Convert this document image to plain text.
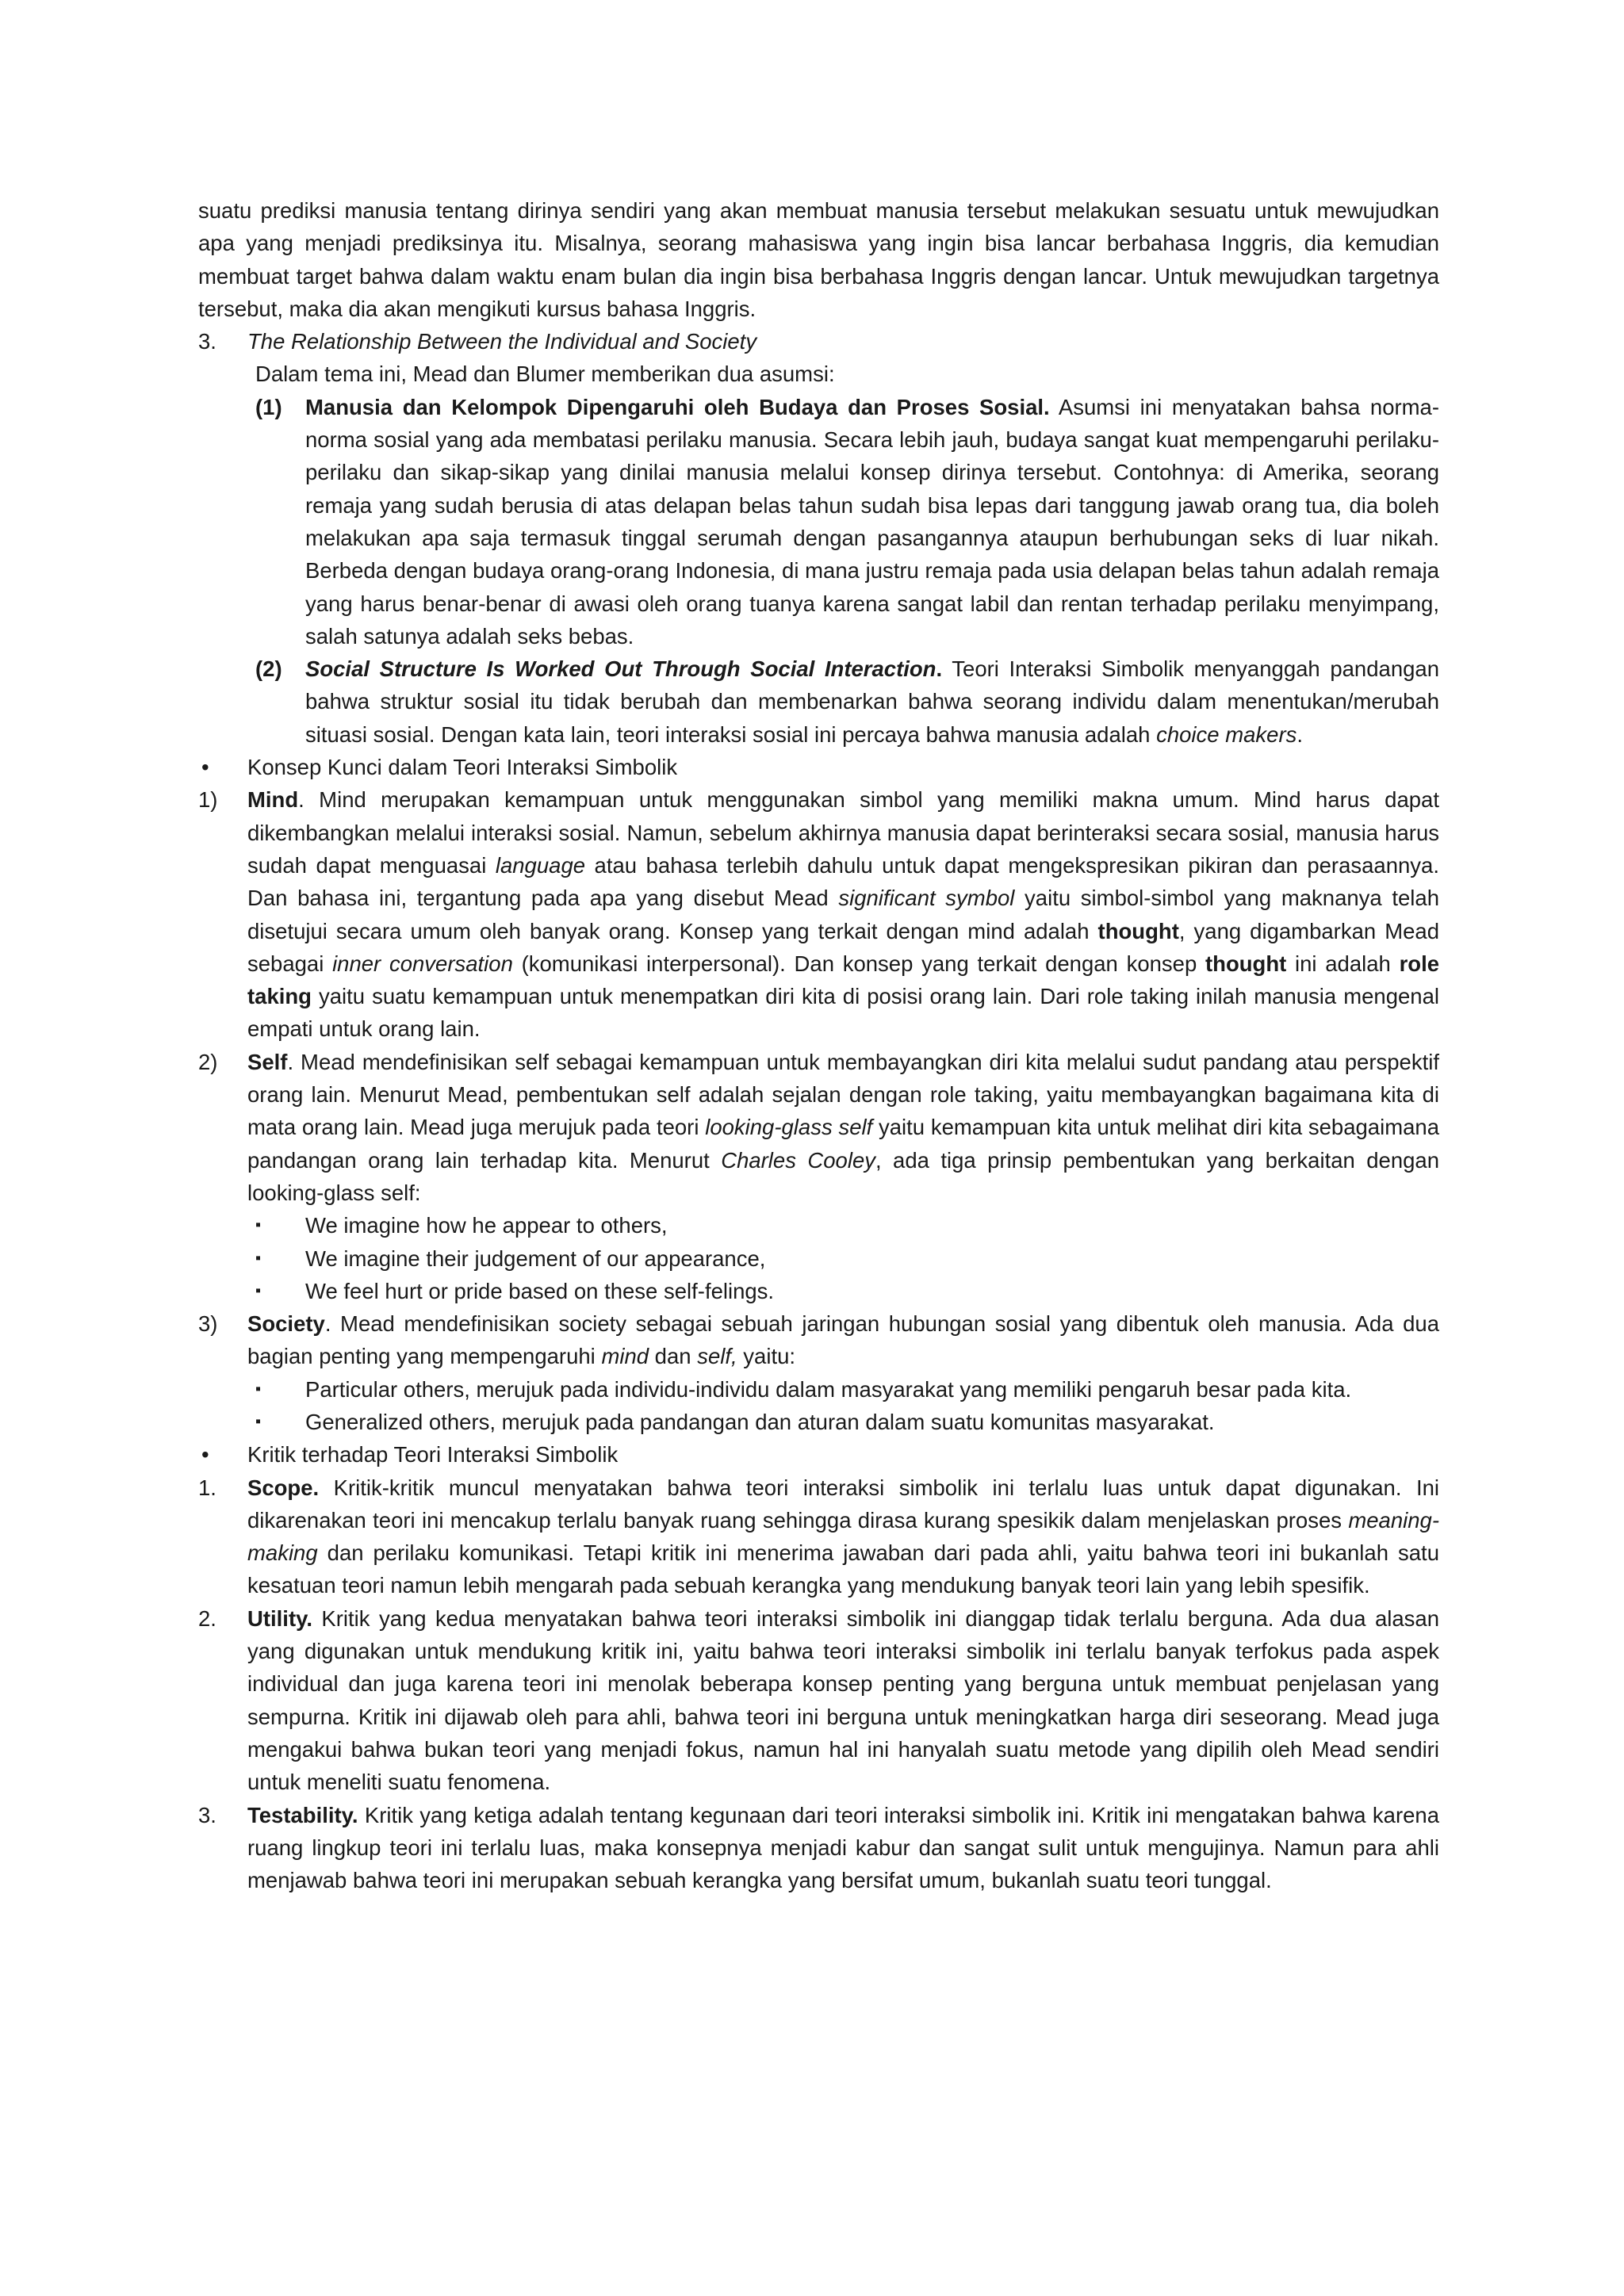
suatu prediksi manusia tentang dirinya sendiri yang akan membuat manusia tersebut melakukan sesuatu untuk mewujudkan apa yang menjadi prediksinya itu. Misalnya, seorang mahasiswa yang ingin bisa lancar berbahasa Inggris, dia kemudian membuat target bahwa dalam waktu enam bulan dia ingin bisa berbahasa Inggris dengan lancar. Untuk mewujudkan targetnya tersebut, maka dia akan mengikuti kursus bahasa Inggris.

3. The Relationship Between the Individual and Society

Dalam tema ini, Mead dan Blumer memberikan dua asumsi:

(1) Manusia dan Kelompok Dipengaruhi oleh Budaya dan Proses Sosial. Asumsi ini menyatakan bahsa norma-norma sosial yang ada membatasi perilaku manusia. Secara lebih jauh, budaya sangat kuat mempengaruhi perilaku-perilaku dan sikap-sikap yang dinilai manusia melalui konsep dirinya tersebut. Contohnya: di Amerika, seorang remaja yang sudah berusia di atas delapan belas tahun sudah bisa lepas dari tanggung jawab orang tua, dia boleh melakukan apa saja termasuk tinggal serumah dengan pasangannya ataupun berhubungan seks di luar nikah. Berbeda dengan budaya orang-orang Indonesia, di mana justru remaja pada usia delapan belas tahun adalah remaja yang harus benar-benar di awasi oleh orang tuanya karena sangat labil dan rentan terhadap perilaku menyimpang, salah satunya adalah seks bebas.
(2) Social Structure Is Worked Out Through Social Interaction. Teori Interaksi Simbolik menyanggah pandangan bahwa struktur sosial itu tidak berubah dan membenarkan bahwa seorang individu dalam menentukan/merubah situasi sosial. Dengan kata lain, teori interaksi sosial ini percaya bahwa manusia adalah choice makers.
• Konsep Kunci dalam Teori Interaksi Simbolik
1) Mind. Mind merupakan kemampuan untuk menggunakan simbol yang memiliki makna umum. Mind harus dapat dikembangkan melalui interaksi sosial. Namun, sebelum akhirnya manusia dapat berinteraksi secara sosial, manusia harus sudah dapat menguasai language atau bahasa terlebih dahulu untuk dapat mengekspresikan pikiran dan perasaannya. Dan bahasa ini, tergantung pada apa yang disebut Mead significant symbol yaitu simbol-simbol yang maknanya telah disetujui secara umum oleh banyak orang. Konsep yang terkait dengan mind adalah thought, yang digambarkan Mead sebagai inner conversation (komunikasi interpersonal). Dan konsep yang terkait dengan konsep thought ini adalah role taking yaitu suatu kemampuan untuk menempatkan diri kita di posisi orang lain. Dari role taking inilah manusia mengenal empati untuk orang lain.
2) Self. Mead mendefinisikan self sebagai kemampuan untuk membayangkan diri kita melalui sudut pandang atau perspektif orang lain. Menurut Mead, pembentukan self adalah sejalan dengan role taking, yaitu membayangkan bagaimana kita di mata orang lain. Mead juga merujuk pada teori looking-glass self yaitu kemampuan kita untuk melihat diri kita sebagaimana pandangan orang lain terhadap kita. Menurut Charles Cooley, ada tiga prinsip pembentukan yang berkaitan dengan looking-glass self:
▪ We imagine how he appear to others,
▪ We imagine their judgement of our appearance,
▪ We feel hurt or pride based on these self-felings.
3) Society. Mead mendefinisikan society sebagai sebuah jaringan hubungan sosial yang dibentuk oleh manusia. Ada dua bagian penting yang mempengaruhi mind dan self, yaitu:
▪ Particular others, merujuk pada individu-individu dalam masyarakat yang memiliki pengaruh besar pada kita.
▪ Generalized others, merujuk pada pandangan dan aturan dalam suatu komunitas masyarakat.
• Kritik terhadap Teori Interaksi Simbolik
1. Scope. Kritik-kritik muncul menyatakan bahwa teori interaksi simbolik ini terlalu luas untuk dapat digunakan. Ini dikarenakan teori ini mencakup terlalu banyak ruang sehingga dirasa kurang spesikik dalam menjelaskan proses meaning-making dan perilaku komunikasi. Tetapi kritik ini menerima jawaban dari pada ahli, yaitu bahwa teori ini bukanlah satu kesatuan teori namun lebih mengarah pada sebuah kerangka yang mendukung banyak teori lain yang lebih spesifik.
2. Utility. Kritik yang kedua menyatakan bahwa teori interaksi simbolik ini dianggap tidak terlalu berguna. Ada dua alasan yang digunakan untuk mendukung kritik ini, yaitu bahwa teori interaksi simbolik ini terlalu banyak terfokus pada aspek individual dan juga karena teori ini menolak beberapa konsep penting yang berguna untuk membuat penjelasan yang sempurna. Kritik ini dijawab oleh para ahli, bahwa teori ini berguna untuk meningkatkan harga diri seseorang. Mead juga mengakui bahwa bukan teori yang menjadi fokus, namun hal ini hanyalah suatu metode yang dipilih oleh Mead sendiri untuk meneliti suatu fenomena.
3. Testability. Kritik yang ketiga adalah tentang kegunaan dari teori interaksi simbolik ini. Kritik ini mengatakan bahwa karena ruang lingkup teori ini terlalu luas, maka konsepnya menjadi kabur dan sangat sulit untuk mengujinya. Namun para ahli menjawab bahwa teori ini merupakan sebuah kerangka yang bersifat umum, bukanlah suatu teori tunggal.
